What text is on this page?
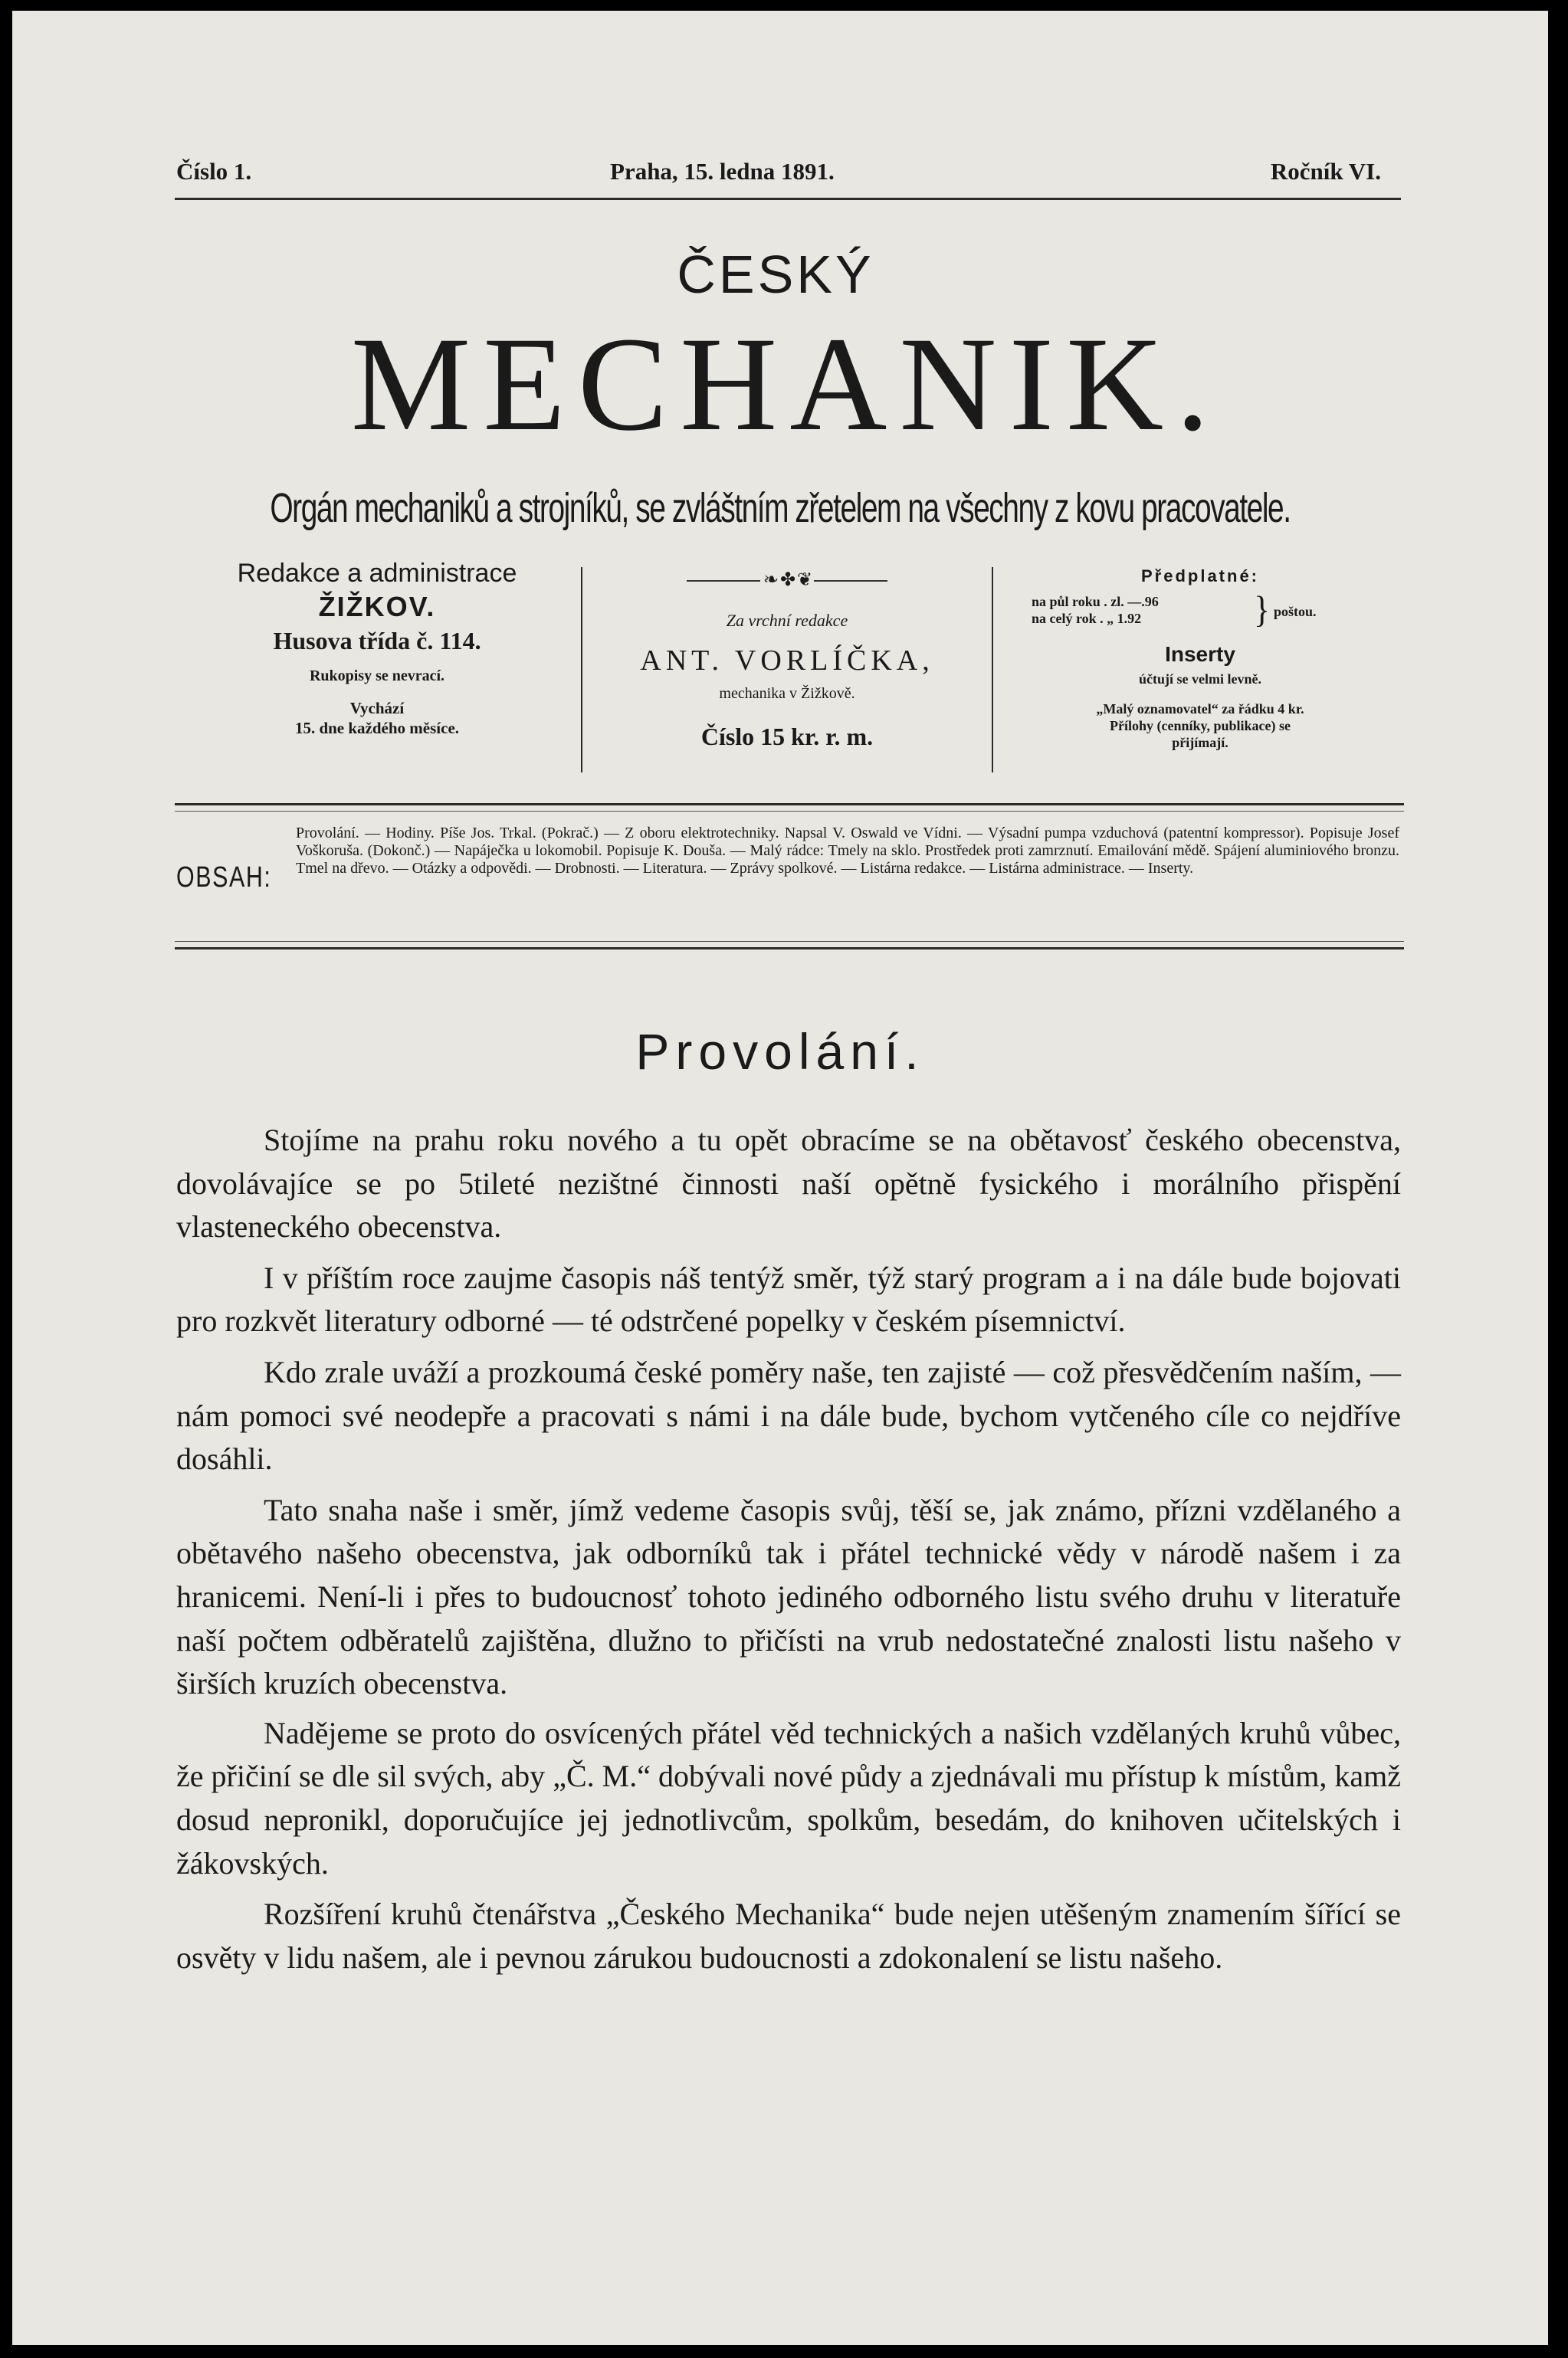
Číslo 1.	Praha, 15. ledna 1891.	Ročník VI.
ČESKÝ
MECHANIK.
Orgán mechaniků a strojníků, se zvláštním zřetelem na všechny z kovu pracovatele.
Redakce a administrace
ŽIŽKOV.
Husova třída č. 114.
Rukopisy se nevrací.
Vychází
15. dne každého měsíce.
❧ ✤ ❦
Za vrchní redakce
ANT. VORLÍČKA,
mechanika v Žižkově.
Číslo 15 kr. r. m.
Předplatné:
na půl roku . zl. —.96
na celý rok . „ 1.92	} poštou.
Inserty
účtují se velmi levně.
„Malý oznamovatel“ za řádku 4 kr.
Přílohy (cenníky, publikace) se
přijímají.
OBSAH:
Provolání. — Hodiny. Píše Jos. Trkal. (Pokrač.) — Z oboru elektrotechniky. Napsal V. Oswald ve Vídni. — Výsadní pumpa vzduchová (patentní kompressor). Popisuje Josef Voškoruša. (Dokonč.) — Napáječka u lokomobil. Popisuje K. Douša. — Malý rádce: Tmely na sklo. Prostředek proti zamrznutí. Emailování mědě. Spájení aluminiového bronzu. Tmel na dřevo. — Otázky a odpovědi. — Drobnosti. — Literatura. — Zprávy spolkové. — Listárna redakce. — Listárna administrace. — Inserty.
Provolání.

Stojíme na prahu roku nového a tu opět obracíme se na obětavosť českého obecenstva, dovolávajíce se po 5tileté nezištné činnosti naší opětně fysického i morálního přispění vlasteneckého obecenstva.

I v příštím roce zaujme časopis náš tentýž směr, týž starý program a i na dále bude bojovati pro rozkvět literatury odborné — té odstrčené popelky v českém písemnictví.

Kdo zrale uváží a prozkoumá české poměry naše, ten zajisté — což přesvědčením naším, — nám pomoci své neodepře a pracovati s námi i na dále bude, bychom vytčeného cíle co nejdříve dosáhli.

Tato snaha naše i směr, jímž vedeme časopis svůj, těší se, jak známo, přízni vzdělaného a obětavého našeho obecenstva, jak odborníků tak i přátel technické vědy v národě našem i za hranicemi. Není-li i přes to budoucnosť tohoto jediného odborného listu svého druhu v literatuře naší počtem odběratelů zajištěna, dlužno to přičísti na vrub nedostatečné znalosti listu našeho v širších kruzích obecenstva.

Nadějeme se proto do osvícených přátel věd technických a našich vzdělaných kruhů vůbec, že přičiní se dle sil svých, aby „Č. M.“ dobývali nové půdy a zjednávali mu přístup k místům, kamž dosud nepronikl, doporučujíce jej jednotlivcům, spolkům, besedám, do knihoven učitelských i žákovských.

Rozšíření kruhů čtenářstva „Českého Mechanika“ bude nejen utěšeným znamením šířící se osvěty v lidu našem, ale i pevnou zárukou budoucnosti a zdokonalení se listu našeho.
